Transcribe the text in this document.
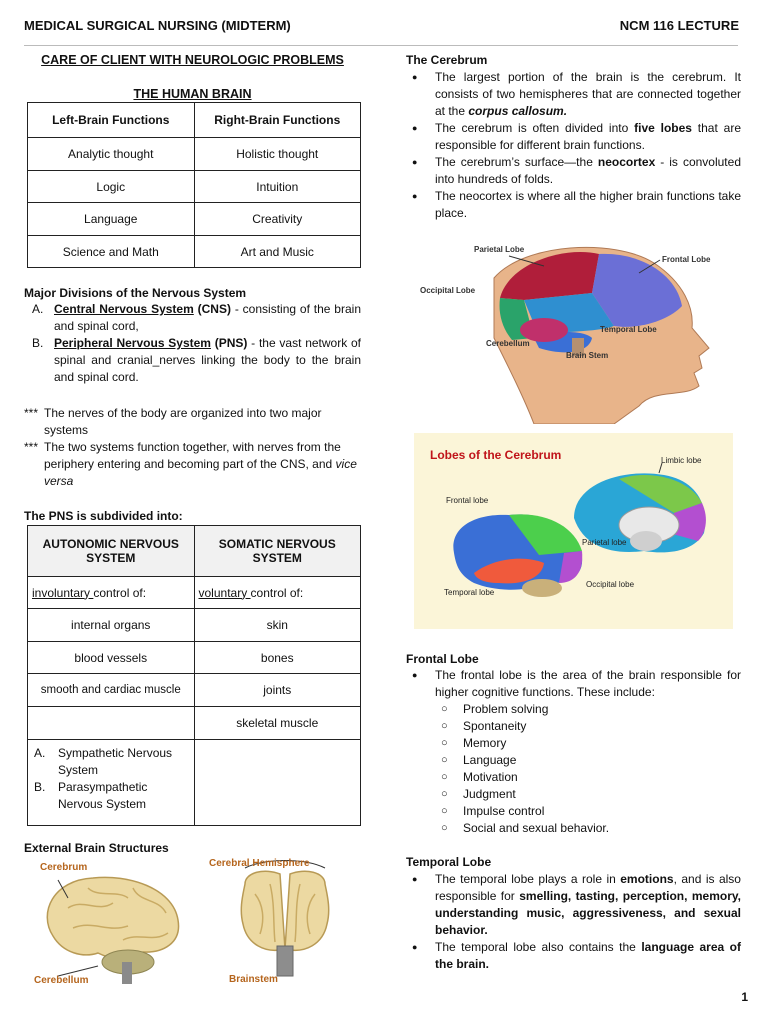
MEDICAL SURGICAL NURSING (MIDTERM)	NCM 116 LECTURE
CARE OF CLIENT WITH NEUROLOGIC PROBLEMS
THE HUMAN BRAIN
Left-Brain Functions	Right-Brain Functions
Analytic thought	Holistic thought
Logic	Intuition
Language	Creativity
Science and Math	Art and Music
Major Divisions of the Nervous System
A. Central Nervous System (CNS) - consisting of the brain and spinal cord,
B. Peripheral Nervous System (PNS) - the vast network of spinal and cranial_nerves linking the body to the brain and spinal cord.
*** The nerves of the body are organized into two major systems
*** The two systems function together, with nerves from the periphery entering and becoming part of the CNS, and vice versa
The PNS is subdivided into:
AUTONOMIC NERVOUS SYSTEM	SOMATIC NERVOUS SYSTEM
involuntary control of:	voluntary control of:
internal organs	skin
blood vessels	bones
smooth and cardiac muscle	joints
	skeletal muscle

A. Sympathetic Nervous System
B. Parasympathetic Nervous System	

External Brain Structures
Cerebrum
Cerebellum
Cerebral Hemisphere
Brainstem
The Cerebrum
● The largest portion of the brain is the cerebrum. It consists of two hemispheres that are connected together at the corpus callosum.
● The cerebrum is often divided into five lobes that are responsible for different brain functions.
● The cerebrum’s surface—the neocortex - is convoluted into hundreds of folds.
● The neocortex is where all the higher brain functions take place.
Parietal Lobe
Frontal Lobe
Occipital Lobe
Temporal Lobe
Cerebellum
Brain Stem
Lobes of the Cerebrum	Limbic lobe
Frontal lobe
Parietal lobe
Occipital lobe
Temporal lobe
Frontal Lobe
● The frontal lobe is the area of the brain responsible for higher cognitive functions. These include:
○ Problem solving
○ Spontaneity
○ Memory
○ Language
○ Motivation
○ Judgment
○ Impulse control
○ Social and sexual behavior.
Temporal Lobe
● The temporal lobe plays a role in emotions, and is also responsible for smelling, tasting, perception, memory, understanding music, aggressiveness, and sexual behavior.
● The temporal lobe also contains the language area of the brain.
1
